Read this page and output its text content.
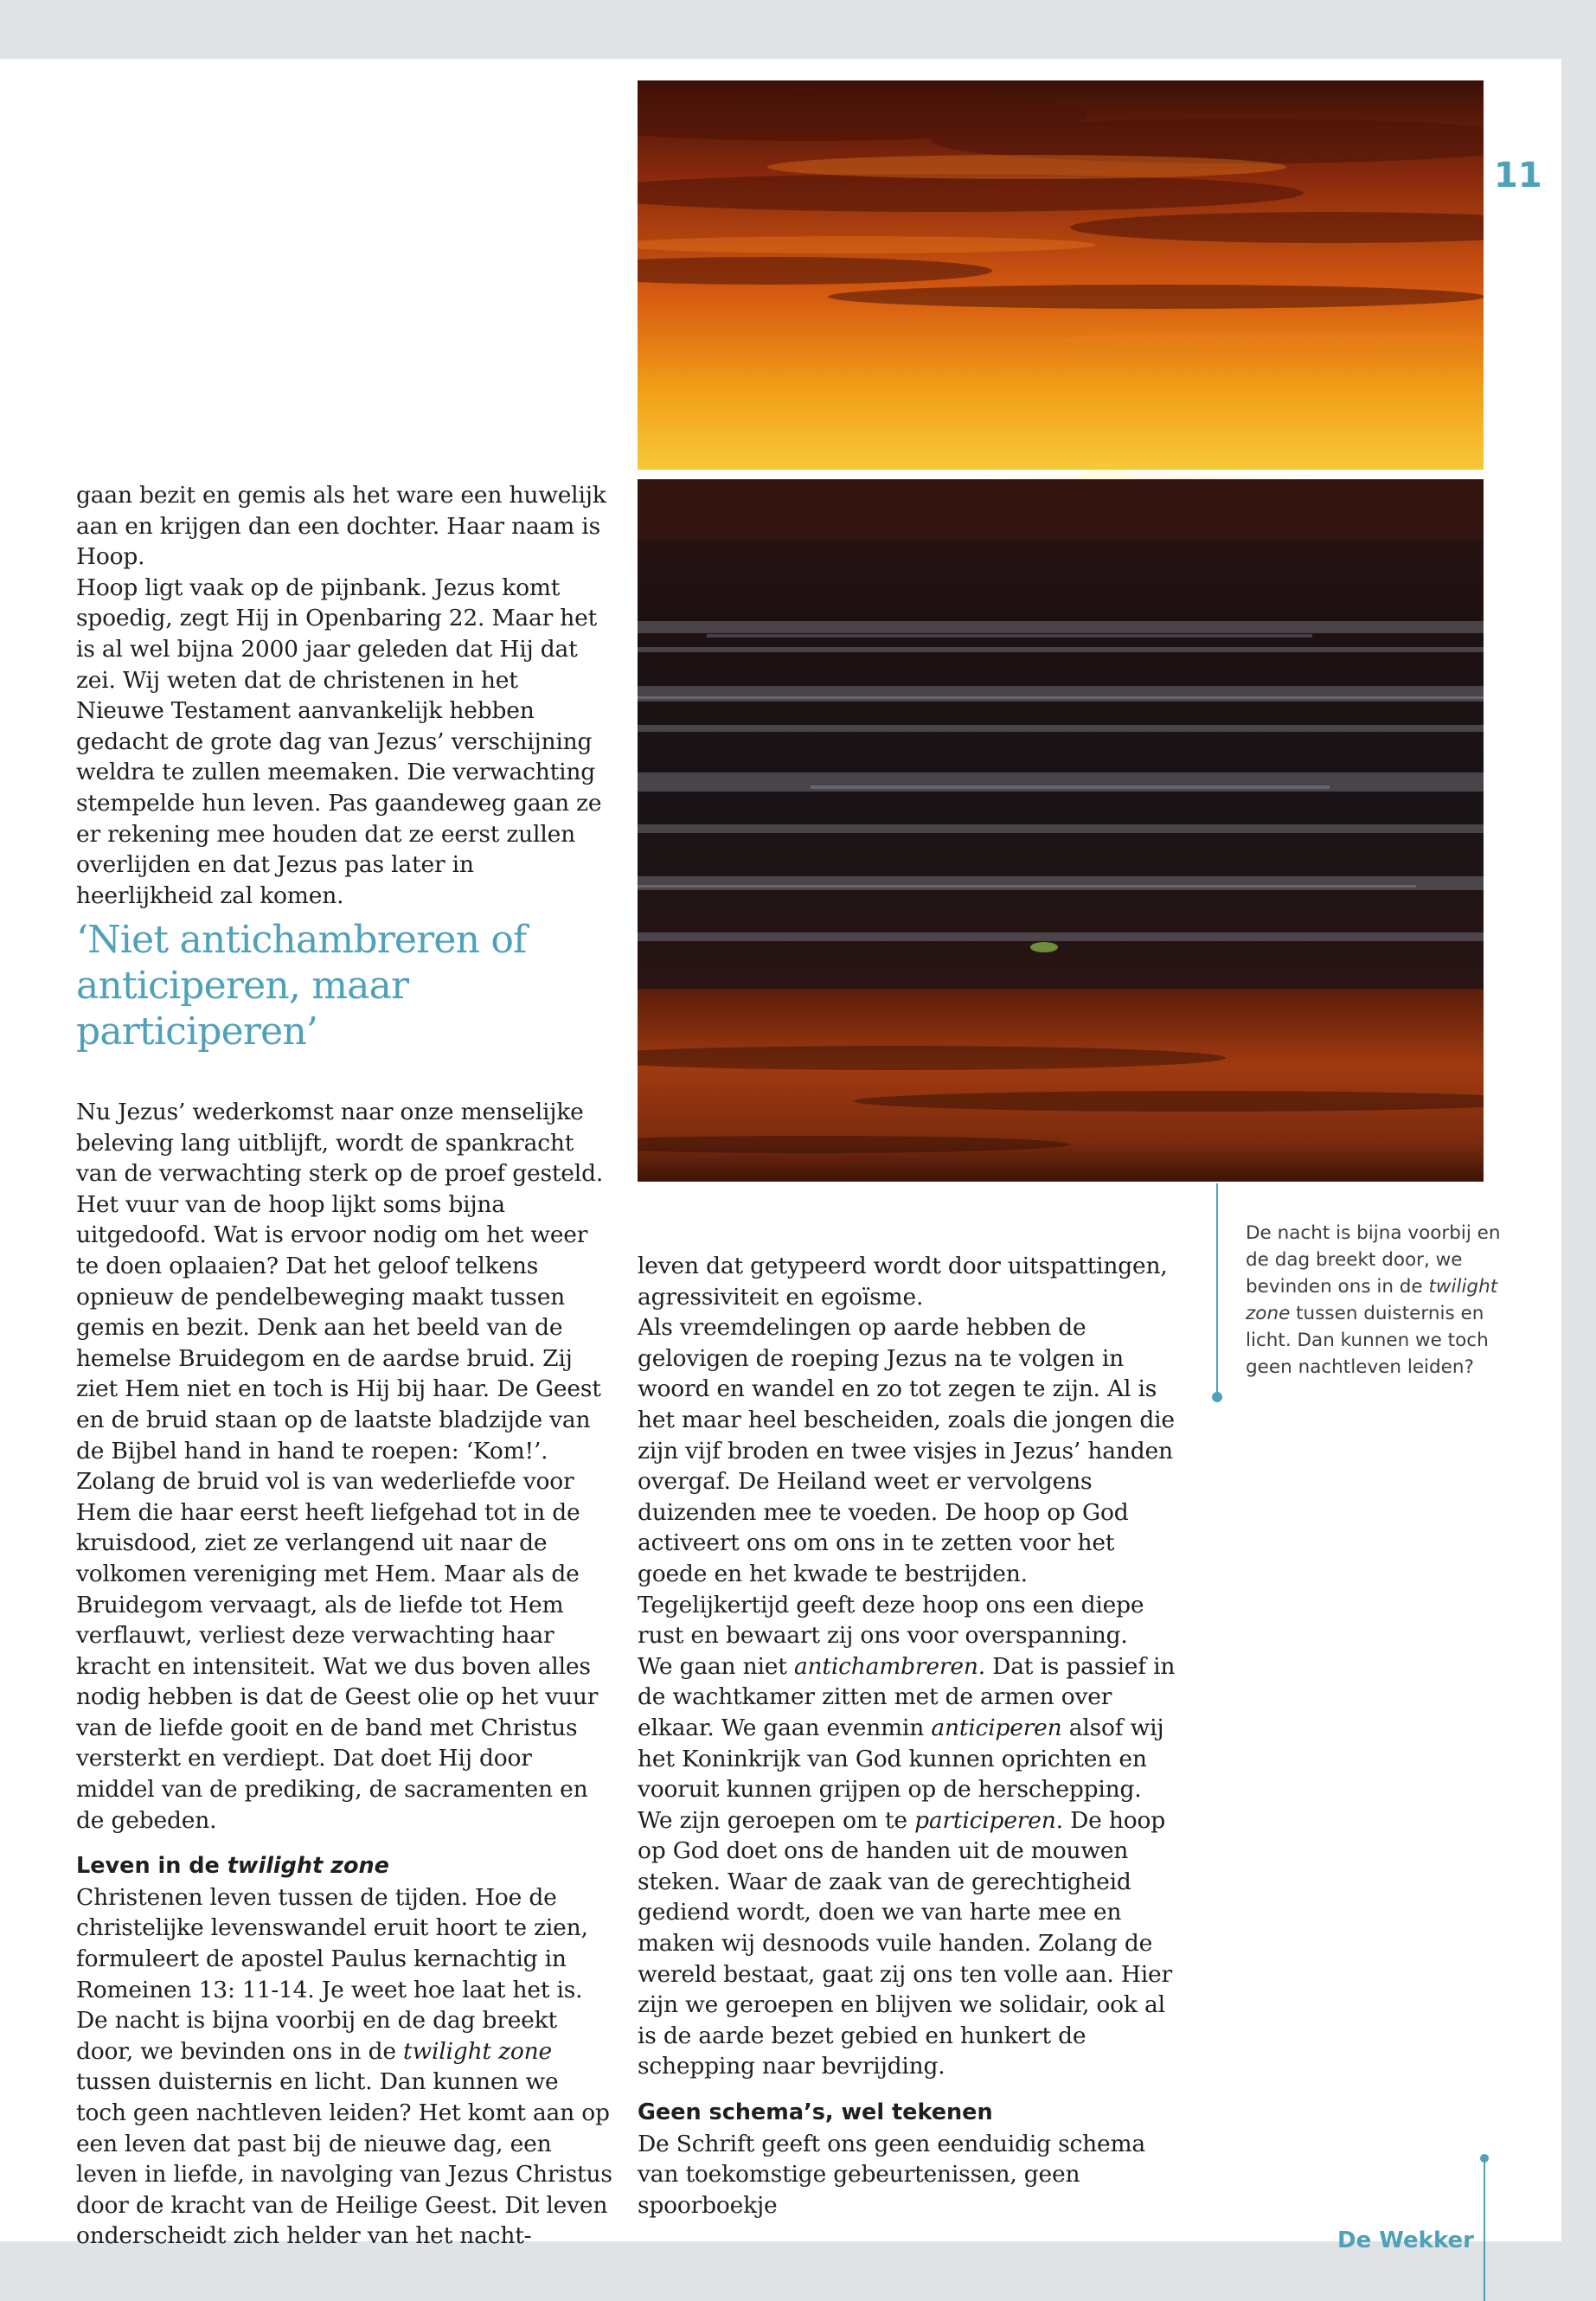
11

gaan bezit en gemis als het ware een huwelijk aan en krijgen dan een dochter. Haar naam is Hoop.

Hoop ligt vaak op de pijnbank. Jezus komt spoedig, zegt Hij in Openbaring 22. Maar het is al wel bijna 2000 jaar geleden dat Hij dat zei. Wij weten dat de christenen in het Nieuwe Testament aanvankelijk hebben gedacht de grote dag van Jezus’ verschijning weldra te zullen meemaken. Die verwachting stempelde hun leven. Pas gaandeweg gaan ze er rekening mee houden dat ze eerst zullen overlijden en dat Jezus pas later in heerlijkheid zal komen.

‘Niet antichambreren of anticiperen, maar participeren’

Nu Jezus’ wederkomst naar onze menselijke beleving lang uitblijft, wordt de spankracht van de verwachting sterk op de proef gesteld. Het vuur van de hoop lijkt soms bijna uitgedoofd. Wat is ervoor nodig om het weer te doen oplaaien? Dat het geloof telkens opnieuw de pendelbeweging maakt tussen gemis en bezit. Denk aan het beeld van de hemelse Bruidegom en de aardse bruid. Zij ziet Hem niet en toch is Hij bij haar. De Geest en de bruid staan op de laatste bladzijde van de Bijbel hand in hand te roepen: ‘Kom!’. Zolang de bruid vol is van wederliefde voor Hem die haar eerst heeft liefgehad tot in de kruisdood, ziet ze verlangend uit naar de volkomen vereniging met Hem. Maar als de Bruidegom vervaagt, als de liefde tot Hem verflauwt, verliest deze verwachting haar kracht en intensiteit. Wat we dus boven alles nodig hebben is dat de Geest olie op het vuur van de liefde gooit en de band met Christus versterkt en verdiept. Dat doet Hij door middel van de prediking, de sacramenten en de gebeden.

Leven in de twilight zone

Christenen leven tussen de tijden. Hoe de christelijke levenswandel eruit hoort te zien, formuleert de apostel Paulus kernachtig in Romeinen 13: 11-14. Je weet hoe laat het is. De nacht is bijna voorbij en de dag breekt door, we bevinden ons in de twilight zone tussen duisternis en licht. Dan kunnen we toch geen nachtleven leiden? Het komt aan op een leven dat past bij de nieuwe dag, een leven in liefde, in navolging van Jezus Christus door de kracht van de Heilige Geest. Dit leven onderscheidt zich helder van het nacht-

leven dat getypeerd wordt door uitspattingen, agressiviteit en egoïsme.

Als vreemdelingen op aarde hebben de gelovigen de roeping Jezus na te volgen in woord en wandel en zo tot zegen te zijn. Al is het maar heel bescheiden, zoals die jongen die zijn vijf broden en twee visjes in Jezus’ handen overgaf. De Heiland weet er vervolgens duizenden mee te voeden. De hoop op God activeert ons om ons in te zetten voor het goede en het kwade te bestrijden. Tegelijkertijd geeft deze hoop ons een diepe rust en bewaart zij ons voor overspanning.

We gaan niet antichambreren. Dat is passief in de wachtkamer zitten met de armen over elkaar. We gaan evenmin anticiperen alsof wij het Koninkrijk van God kunnen oprichten en vooruit kunnen grijpen op de herschepping. We zijn geroepen om te participeren. De hoop op God doet ons de handen uit de mouwen steken. Waar de zaak van de gerechtigheid gediend wordt, doen we van harte mee en maken wij desnoods vuile handen. Zolang de wereld bestaat, gaat zij ons ten volle aan. Hier zijn we geroepen en blijven we solidair, ook al is de aarde bezet gebied en hunkert de schepping naar bevrijding.

Geen schema’s, wel tekenen

De Schrift geeft ons geen eenduidig schema van toekomstige gebeurtenissen, geen spoorboekje

De nacht is bijna voorbij en de dag breekt door, we bevinden ons in de twilight zone tussen duisternis en licht. Dan kunnen we toch geen nachtleven leiden?

De Wekker
